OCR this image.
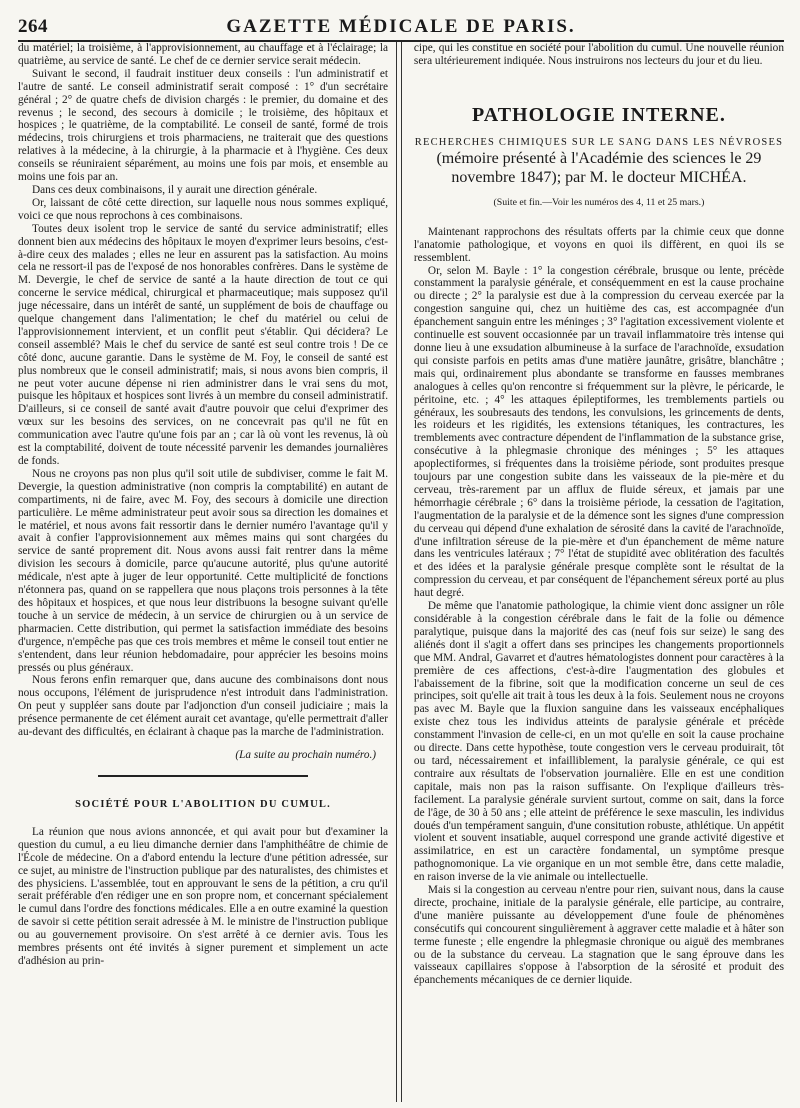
264	GAZETTE MÉDICALE DE PARIS.

du matériel; la troisième, à l'approvisionnement, au chauffage et à l'éclairage; la quatrième, au service de santé. Le chef de ce dernier service serait médecin.

Suivant le second, il faudrait instituer deux conseils : l'un administratif et l'autre de santé. Le conseil administratif serait composé : 1° d'un secrétaire général ; 2° de quatre chefs de division chargés : le premier, du domaine et des revenus ; le second, des secours à domicile ; le troisième, des hôpitaux et hospices ; le quatrième, de la comptabilité. Le conseil de santé, formé de trois médecins, trois chirurgiens et trois pharmaciens, ne traiterait que des questions relatives à la médecine, à la chirurgie, à la pharmacie et à l'hygiène. Ces deux conseils se réuniraient séparément, au moins une fois par mois, et ensemble au moins une fois par an.

Dans ces deux combinaisons, il y aurait une direction générale.

Or, laissant de côté cette direction, sur laquelle nous nous sommes expliqué, voici ce que nous reprochons à ces combinaisons.

Toutes deux isolent trop le service de santé du service administratif; elles donnent bien aux médecins des hôpitaux le moyen d'exprimer leurs besoins, c'est-à-dire ceux des malades ; elles ne leur en assurent pas la satisfaction. Au moins cela ne ressort-il pas de l'exposé de nos honorables confrères. Dans le système de M. Devergie, le chef de service de santé a la haute direction de tout ce qui concerne le service médical, chirurgical et pharmaceutique; mais supposez qu'il juge nécessaire, dans un intérêt de santé, un supplément de bois de chauffage ou quelque changement dans l'alimentation; le chef du matériel ou celui de l'approvisionnement intervient, et un conflit peut s'établir. Qui décidera? Le conseil assemblé? Mais le chef du service de santé est seul contre trois ! De ce côté donc, aucune garantie. Dans le système de M. Foy, le conseil de santé est plus nombreux que le conseil administratif; mais, si nous avons bien compris, il ne peut voter aucune dépense ni rien administrer dans le vrai sens du mot, puisque les hôpitaux et hospices sont livrés à un membre du conseil administratif. D'ailleurs, si ce conseil de santé avait d'autre pouvoir que celui d'exprimer des vœux sur les besoins des services, on ne concevrait pas qu'il ne fût en communication avec l'autre qu'une fois par an ; car là où vont les revenus, là où est la comptabilité, doivent de toute nécessité parvenir les demandes journalières de fonds.

Nous ne croyons pas non plus qu'il soit utile de subdiviser, comme le fait M. Devergie, la question administrative (non compris la comptabilité) en autant de compartiments, ni de faire, avec M. Foy, des secours à domicile une direction particulière. Le même administrateur peut avoir sous sa direction les domaines et le matériel, et nous avons fait ressortir dans le dernier numéro l'avantage qu'il y avait à confier l'approvisionnement aux mêmes mains qui sont chargées du service de santé proprement dit. Nous avons aussi fait rentrer dans la même division les secours à domicile, parce qu'aucune autorité, plus qu'une autorité médicale, n'est apte à juger de leur opportunité. Cette multiplicité de fonctions n'étonnera pas, quand on se rappellera que nous plaçons trois personnes à la tête des hôpitaux et hospices, et que nous leur distribuons la besogne suivant qu'elle touche à un service de médecin, à un service de chirurgien ou à un service de pharmacien. Cette distribution, qui permet la satisfaction immédiate des besoins d'urgence, n'empêche pas que ces trois membres et même le conseil tout entier ne s'entendent, dans leur réunion hebdomadaire, pour apprécier les besoins moins pressés ou plus généraux.

Nous ferons enfin remarquer que, dans aucune des combinaisons dont nous nous occupons, l'élément de jurisprudence n'est introduit dans l'administration. On peut y suppléer sans doute par l'adjonction d'un conseil judiciaire ; mais la présence permanente de cet élément aurait cet avantage, qu'elle permettrait d'aller au-devant des difficultés, en éclairant à chaque pas la marche de l'administration.

(La suite au prochain numéro.)
SOCIÉTÉ POUR L'ABOLITION DU CUMUL.

La réunion que nous avions annoncée, et qui avait pour but d'examiner la question du cumul, a eu lieu dimanche dernier dans l'amphithéâtre de chimie de l'École de médecine. On a d'abord entendu la lecture d'une pétition adressée, sur ce sujet, au ministre de l'instruction publique par des naturalistes, des chimistes et des physiciens. L'assemblée, tout en approuvant le sens de la pétition, a cru qu'il serait préférable d'en rédiger une en son propre nom, et concernant spécialement le cumul dans l'ordre des fonctions médicales. Elle a en outre examiné la question de savoir si cette pétition serait adressée à M. le ministre de l'instruction publique ou au gouvernement provisoire. On s'est arrêté à ce dernier avis. Tous les membres présents ont été invités à signer purement et simplement un acte d'adhésion au prin-

cipe, qui les constitue en société pour l'abolition du cumul. Une nouvelle réunion sera ultérieurement indiquée. Nous instruirons nos lecteurs du jour et du lieu.

PATHOLOGIE INTERNE.
RECHERCHES CHIMIQUES SUR LE SANG DANS LES NÉVROSES
(mémoire présenté à l'Académie des sciences le 29 novembre 1847); par M. le docteur MICHÉA.
(Suite et fin.—Voir les numéros des 4, 11 et 25 mars.)

Maintenant rapprochons des résultats offerts par la chimie ceux que donne l'anatomie pathologique, et voyons en quoi ils diffèrent, en quoi ils se ressemblent.

Or, selon M. Bayle : 1° la congestion cérébrale, brusque ou lente, précède constamment la paralysie générale, et conséquemment en est la cause prochaine ou directe ; 2° la paralysie est due à la compression du cerveau exercée par la congestion sanguine qui, chez un huitième des cas, est accompagnée d'un épanchement sanguin entre les méninges ; 3° l'agitation excessivement violente et continuelle est souvent occasionnée par un travail inflammatoire très intense qui donne lieu à une exsudation albumineuse à la surface de l'arachnoïde, exsudation qui consiste parfois en petits amas d'une matière jaunâtre, grisâtre, blanchâtre ; mais qui, ordinairement plus abondante se transforme en fausses membranes analogues à celles qu'on rencontre si fréquemment sur la plèvre, le péricarde, le péritoine, etc. ; 4° les attaques épileptiformes, les tremblements partiels ou généraux, les soubresauts des tendons, les convulsions, les grincements de dents, les roideurs et les rigidités, les extensions tétaniques, les contractures, les tremblements avec contracture dépendent de l'inflammation de la substance grise, consécutive à la phlegmasie chronique des méninges ; 5° les attaques apoplectiformes, si fréquentes dans la troisième période, sont produites presque toujours par une congestion subite dans les vaisseaux de la pie-mère et du cerveau, très-rarement par un afflux de fluide séreux, et jamais par une hémorrhagie cérébrale ; 6° dans la troisième période, la cessation de l'agitation, l'augmentation de la paralysie et de la démence sont les signes d'une compression du cerveau qui dépend d'une exhalation de sérosité dans la cavité de l'arachnoïde, d'une infiltration séreuse de la pie-mère et d'un épanchement de même nature dans les ventricules latéraux ; 7° l'état de stupidité avec oblitération des facultés et des idées et la paralysie générale presque complète sont le résultat de la compression du cerveau, et par conséquent de l'épanchement séreux porté au plus haut degré.

De même que l'anatomie pathologique, la chimie vient donc assigner un rôle considérable à la congestion cérébrale dans le fait de la folie ou démence paralytique, puisque dans la majorité des cas (neuf fois sur seize) le sang des aliénés dont il s'agit a offert dans ses principes les changements proportionnels que MM. Andral, Gavarret et d'autres hématologistes donnent pour caractères à la première de ces affections, c'est-à-dire l'augmentation des globules et l'abaissement de la fibrine, soit que la modification concerne un seul de ces principes, soit qu'elle ait trait à tous les deux à la fois. Seulement nous ne croyons pas avec M. Bayle que la fluxion sanguine dans les vaisseaux encéphaliques existe chez tous les individus atteints de paralysie générale et précède constamment l'invasion de celle-ci, en un mot qu'elle en soit la cause prochaine ou directe. Dans cette hypothèse, toute congestion vers le cerveau produirait, tôt ou tard, nécessairement et infailliblement, la paralysie générale, ce qui est contraire aux résultats de l'observation journalière. Elle en est une condition capitale, mais non pas la raison suffisante. On l'explique d'ailleurs très-facilement. La paralysie générale survient surtout, comme on sait, dans la force de l'âge, de 30 à 50 ans ; elle atteint de préférence le sexe masculin, les individus doués d'un tempérament sanguin, d'une consitution robuste, athlétique. Un appétit violent et souvent insatiable, auquel correspond une grande activité digestive et assimilatrice, en est un caractère fondamental, un symptôme presque pathognomonique. La vie organique en un mot semble être, dans cette maladie, en raison inverse de la vie animale ou intellectuelle.

Mais si la congestion au cerveau n'entre pour rien, suivant nous, dans la cause directe, prochaine, initiale de la paralysie générale, elle participe, au contraire, d'une manière puissante au développement d'une foule de phénomènes consécutifs qui concourent singulièrement à aggraver cette maladie et à hâter son terme funeste ; elle engendre la phlegmasie chronique ou aiguë des membranes ou de la substance du cerveau. La stagnation que le sang éprouve dans les vaisseaux capillaires s'oppose à l'absorption de la sérosité et produit des épanchements mécaniques de ce dernier liquide.
